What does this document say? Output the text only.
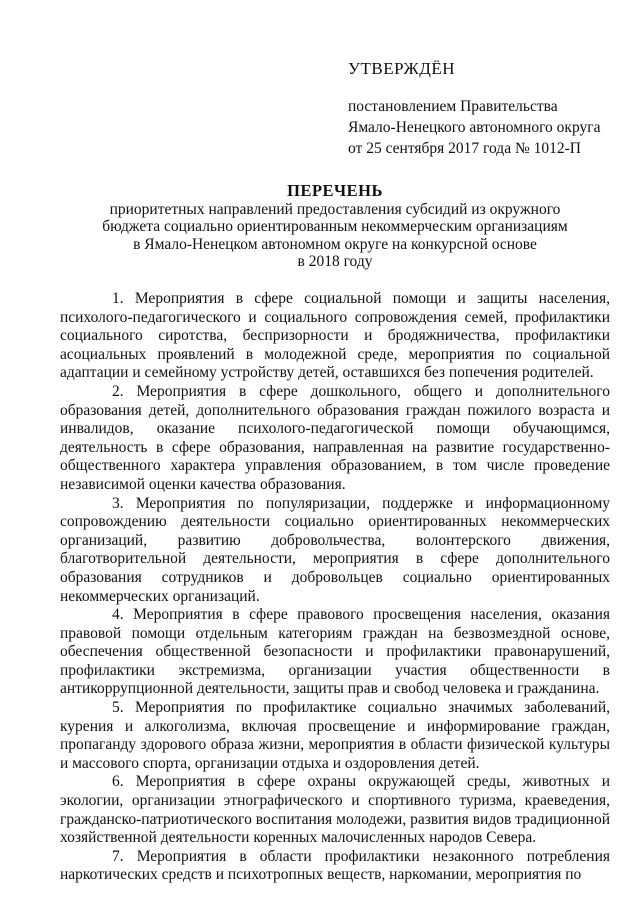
УТВЕРЖДЁН
постановлением Правительства
Ямало-Ненецкого автономного округа
от 25 сентября 2017 года № 1012-П
ПЕРЕЧЕНЬ
приоритетных направлений предоставления субсидий из окружного
бюджета социально ориентированным некоммерческим организациям
в Ямало-Ненецком автономном округе на конкурсной основе
в 2018 году

1. Мероприятия в сфере социальной помощи и защиты населения, психолого-педагогического и социального сопровождения семей, профилактики социального сиротства, беспризорности и бродяжничества, профилактики асоциальных проявлений в молодежной среде, мероприятия по социальной адаптации и семейному устройству детей, оставшихся без попечения родителей.

2. Мероприятия в сфере дошкольного, общего и дополнительного образования детей, дополнительного образования граждан пожилого возраста и инвалидов, оказание психолого-педагогической помощи обучающимся, деятельность в сфере образования, направленная на развитие государственно-общественного характера управления образованием, в том числе проведение независимой оценки качества образования.

3. Мероприятия по популяризации, поддержке и информационному сопровождению деятельности социально ориентированных некоммерческих организаций, развитию добровольчества, волонтерского движения, благотворительной деятельности, мероприятия в сфере дополнительного образования сотрудников и добровольцев социально ориентированных некоммерческих организаций.

4. Мероприятия в сфере правового просвещения населения, оказания правовой помощи отдельным категориям граждан на безвозмездной основе, обеспечения общественной безопасности и профилактики правонарушений, профилактики экстремизма, организации участия общественности в антикоррупционной деятельности, защиты прав и свобод человека и гражданина.

5. Мероприятия по профилактике социально значимых заболеваний, курения и алкоголизма, включая просвещение и информирование граждан, пропаганду здорового образа жизни, мероприятия в области физической культуры и массового спорта, организации отдыха и оздоровления детей.

6. Мероприятия в сфере охраны окружающей среды, животных и экологии, организации этнографического и спортивного туризма, краеведения, гражданско-патриотического воспитания молодежи, развития видов традиционной хозяйственной деятельности коренных малочисленных народов Севера.

7. Мероприятия в области профилактики незаконного потребления наркотических средств и психотропных веществ, наркомании, мероприятия по
